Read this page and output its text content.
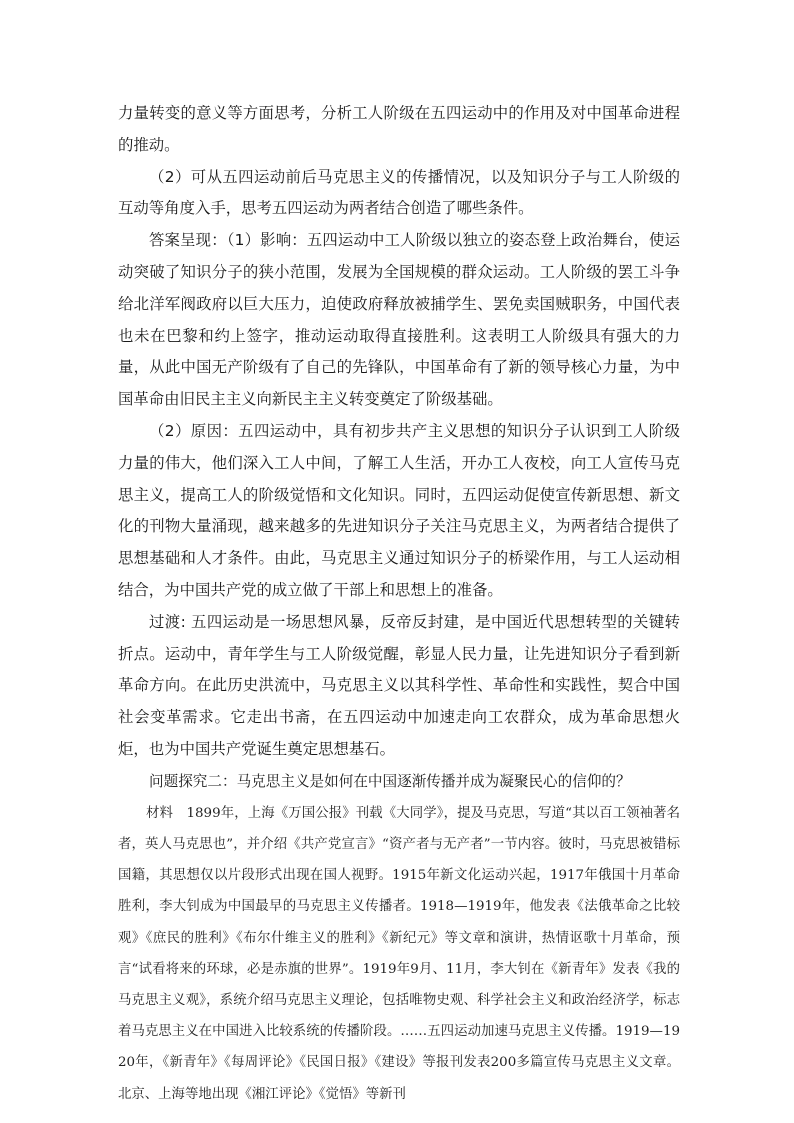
力量转变的意义等方面思考，分析工人阶级在五四运动中的作用及对中国革命进程的推动。

（2）可从五四运动前后马克思主义的传播情况，以及知识分子与工人阶级的互动等角度入手，思考五四运动为两者结合创造了哪些条件。

答案呈现：（1）影响：五四运动中工人阶级以独立的姿态登上政治舞台，使运动突破了知识分子的狭小范围，发展为全国规模的群众运动。工人阶级的罢工斗争给北洋军阀政府以巨大压力，迫使政府释放被捕学生、罢免卖国贼职务，中国代表也未在巴黎和约上签字，推动运动取得直接胜利。这表明工人阶级具有强大的力量，从此中国无产阶级有了自己的先锋队，中国革命有了新的领导核心力量，为中国革命由旧民主主义向新民主主义转变奠定了阶级基础。

（2）原因：五四运动中，具有初步共产主义思想的知识分子认识到工人阶级力量的伟大，他们深入工人中间，了解工人生活，开办工人夜校，向工人宣传马克思主义，提高工人的阶级觉悟和文化知识。同时，五四运动促使宣传新思想、新文化的刊物大量涌现，越来越多的先进知识分子关注马克思主义，为两者结合提供了思想基础和人才条件。由此，马克思主义通过知识分子的桥梁作用，与工人运动相结合，为中国共产党的成立做了干部上和思想上的准备。

过渡: 五四运动是一场思想风暴，反帝反封建，是中国近代思想转型的关键转折点。运动中，青年学生与工人阶级觉醒，彰显人民力量，让先进知识分子看到新革命方向。在此历史洪流中，马克思主义以其科学性、革命性和实践性，契合中国社会变革需求。它走出书斋，在五四运动中加速走向工农群众，成为革命思想火炬，也为中国共产党诞生奠定思想基石。

问题探究二：马克思主义是如何在中国逐渐传播并成为凝聚民心的信仰的？

材料　1899年，上海《万国公报》刊载《大同学》，提及马克思，写道“其以百工领袖著名者，英人马克思也”，并介绍《共产党宣言》“资产者与无产者”一节内容。彼时，马克思被错标国籍，其思想仅以片段形式出现在国人视野。1915年新文化运动兴起，1917年俄国十月革命胜利，李大钊成为中国最早的马克思主义传播者。1918—1919年，他发表《法俄革命之比较观》《庶民的胜利》《布尔什维主义的胜利》《新纪元》等文章和演讲，热情讴歌十月革命，预言“试看将来的环球，必是赤旗的世界”。1919年9月、11月，李大钊在《新青年》发表《我的马克思主义观》，系统介绍马克思主义理论，包括唯物史观、科学社会主义和政治经济学，标志着马克思主义在中国进入比较系统的传播阶段。……五四运动加速马克思主义传播。1919—1920年，《新青年》《每周评论》《民国日报》《建设》等报刊发表200多篇宣传马克思主义文章。北京、上海等地出现《湘江评论》《觉悟》等新刊
